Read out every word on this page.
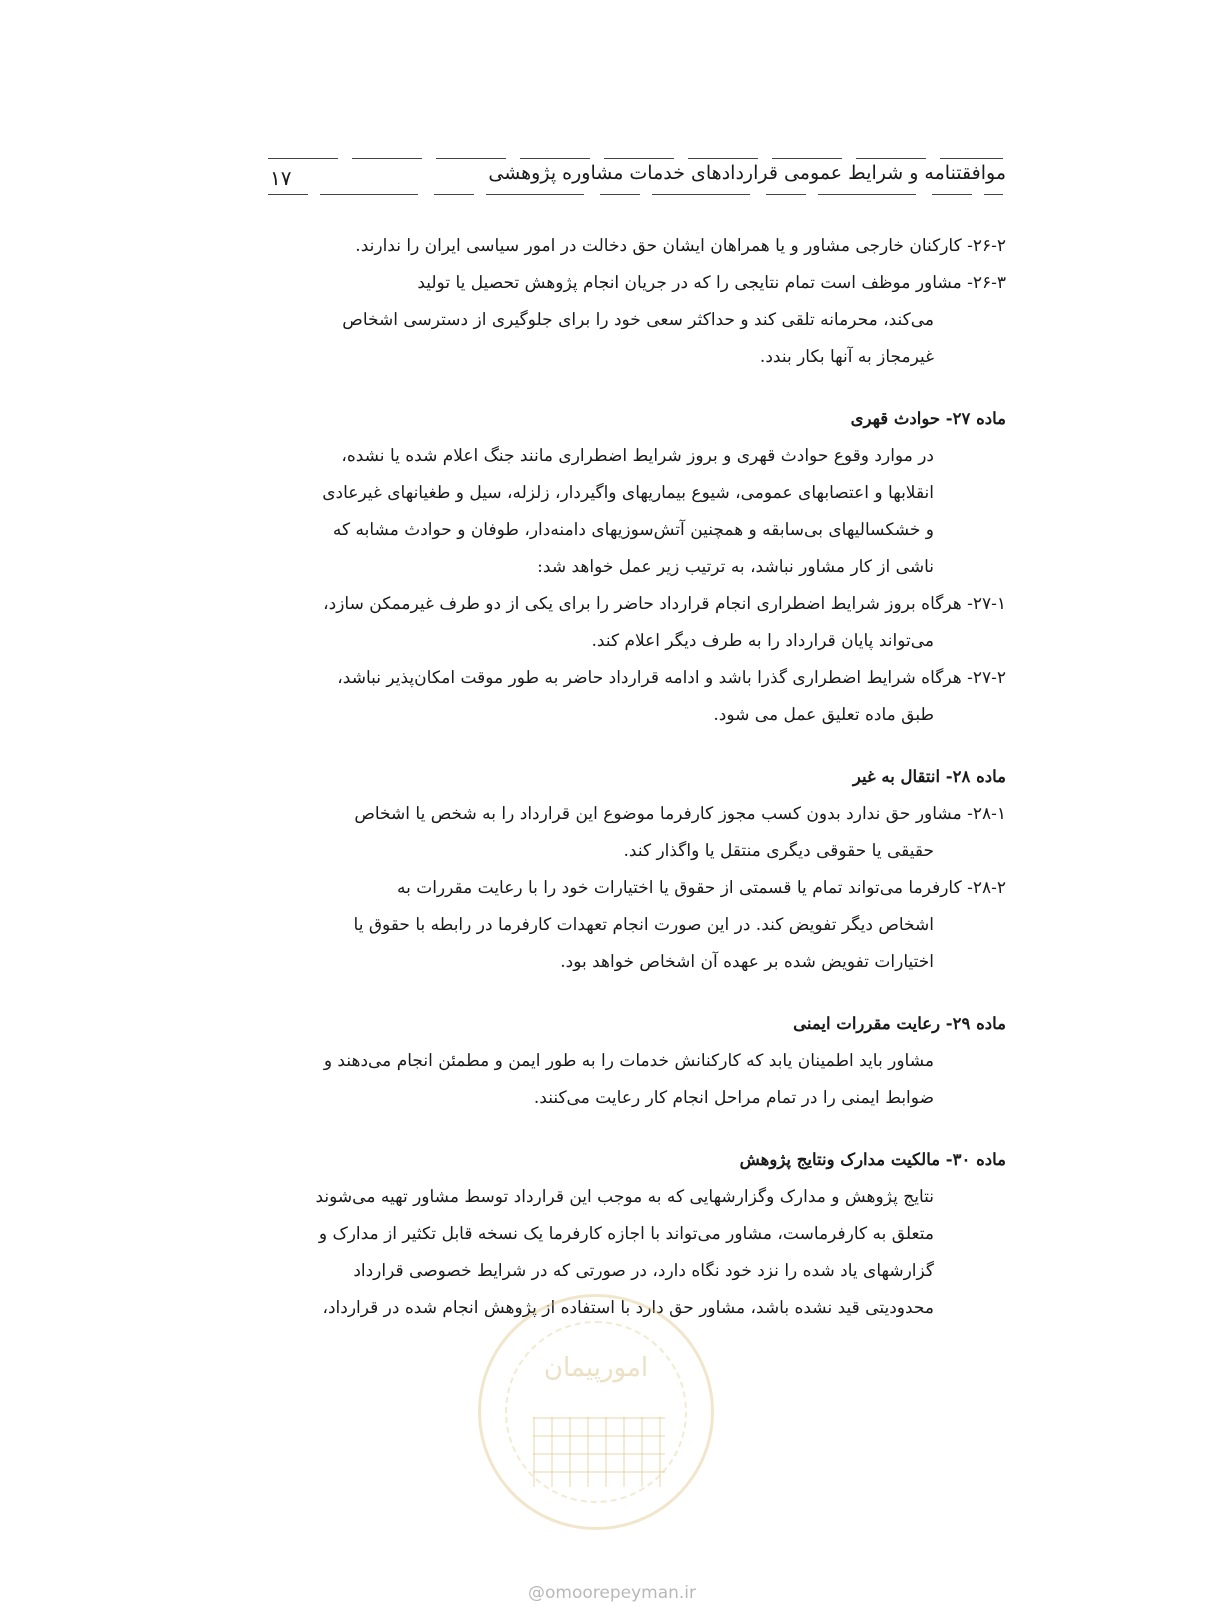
موافقتنامه و شرایط عمومی قراردادهای خدمات مشاوره پژوهشی
۱۷

۲۶-۲- کارکنان خارجی مشاور و یا همراهان ایشان حق دخالت در امور سیاسی ایران را ندارند.

۲۶-۳- مشاور موظف است تمام نتایجی را که در جریان انجام پژوهش تحصیل یا تولید

می‌کند، محرمانه تلقی کند و حداکثر سعی خود را برای جلوگیری از دسترسی اشخاص

غیرمجاز به آنها بکار بندد.

ماده ۲۷- حوادث قهری

در موارد وقوع حوادث قهری و بروز شرایط اضطراری مانند جنگ اعلام شده یا نشده،

انقلابها و اعتصابهای عمومی، شیوع بیماریهای واگیردار، زلزله، سیل و طغیانهای غیرعادی

و خشکسالیهای بی‌سابقه و همچنین آتش‌سوزیهای دامنه‌دار، طوفان و حوادث مشابه که

ناشی از کار مشاور نباشد، به ترتیب زیر عمل خواهد شد:

۲۷-۱- هرگاه بروز شرایط اضطراری انجام قرارداد حاضر را برای یکی از دو طرف غیرممکن سازد،

می‌تواند پایان قرارداد را به طرف دیگر اعلام کند.

۲۷-۲- هرگاه شرایط اضطراری گذرا باشد و ادامه قرارداد حاضر به طور موقت امکان‌پذیر نباشد،

طبق ماده تعلیق عمل می شود.

ماده ۲۸- انتقال به غیر

۲۸-۱- مشاور حق ندارد بدون کسب مجوز کارفرما موضوع این قرارداد را به شخص یا اشخاص

حقیقی یا حقوقی دیگری منتقل یا واگذار کند.

۲۸-۲- کارفرما می‌تواند تمام یا قسمتی از حقوق یا اختیارات خود را با رعایت مقررات به

اشخاص دیگر تفویض کند. در این صورت انجام تعهدات کارفرما در رابطه با حقوق یا

اختیارات تفویض شده بر عهده آن اشخاص خواهد بود.

ماده ۲۹- رعایت مقررات ایمنی

مشاور باید اطمینان یابد که کارکنانش خدمات را به طور ایمن و مطمئن انجام می‌دهند و

ضوابط ایمنی را در تمام مراحل انجام کار رعایت می‌کنند.

ماده ۳۰- مالکیت مدارک ونتایج پژوهش

نتایج پژوهش و مدارک وگزارشهایی که به موجب این قرارداد توسط مشاور تهیه می‌شوند

متعلق به کارفرماست، مشاور می‌تواند با اجازه کارفرما یک نسخه قابل تکثیر از مدارک و

گزارشهای یاد شده را نزد خود نگاه دارد، در صورتی که در شرایط خصوصی قرارداد

محدودیتی قید نشده باشد، مشاور حق دارد با استفاده از پژوهش انجام شده در قرارداد،

امورپیمان
@omoorepeyman.ir
